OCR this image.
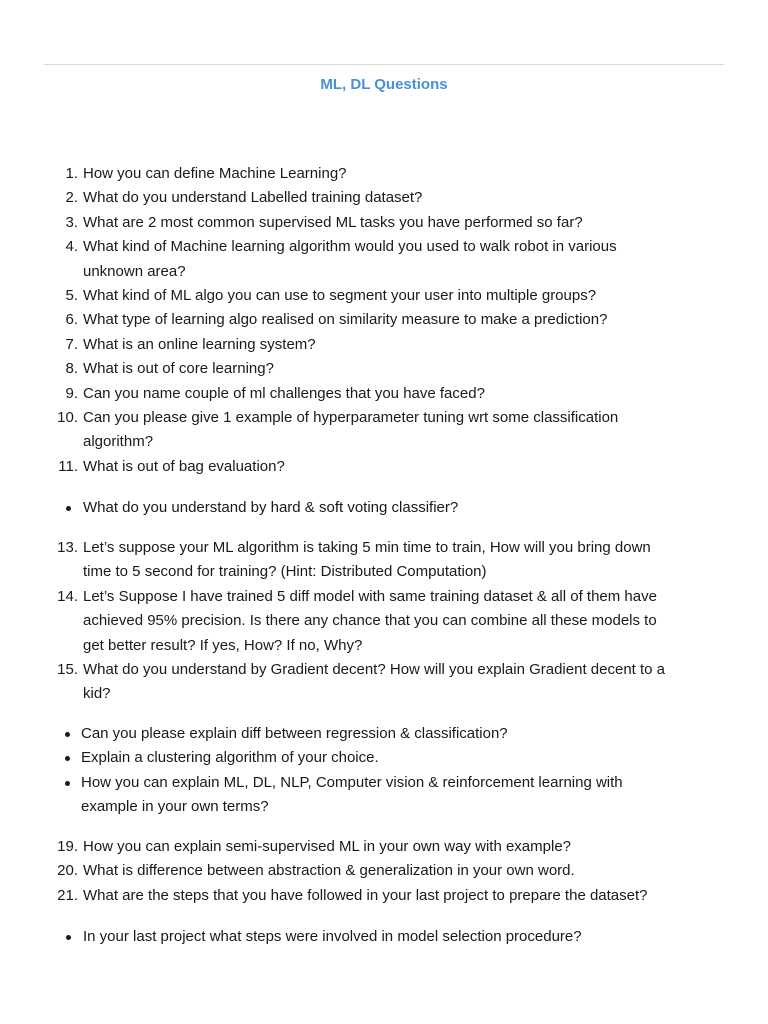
ML, DL Questions
1. How you can define Machine Learning?
2. What do you understand Labelled training dataset?
3. What are 2 most common supervised ML tasks you have performed so far?
4. What kind of Machine learning algorithm would you used to walk robot in various
unknown area?
5. What kind of ML algo you can use to segment your user into multiple groups?
6. What type of learning algo realised on similarity measure to make a prediction?
7. What is an online learning system?
8. What is out of core learning?
9. Can you name couple of ml challenges that you have faced?
10. Can you please give 1 example of hyperparameter tuning wrt some classification
algorithm?
11. What is out of bag evaluation?
What do you understand by hard & soft voting classifier?
13. Let’s suppose your ML algorithm is taking 5 min time to train, How will you bring down
time to 5 second for training? (Hint: Distributed Computation)
14. Let’s Suppose I have trained 5 diff model with same training dataset & all of them have
achieved 95% precision. Is there any chance that you can combine all these models to
get better result? If yes, How? If no, Why?
15. What do you understand by Gradient decent? How will you explain Gradient decent to a
kid?
Can you please explain diff between regression & classification?
Explain a clustering algorithm of your choice.
How you can explain ML, DL, NLP, Computer vision & reinforcement learning with
example in your own terms?
19. How you can explain semi-supervised ML in your own way with example?
20. What is difference between abstraction & generalization in your own word.
21. What are the steps that you have followed in your last project to prepare the dataset?
In your last project what steps were involved in model selection procedure?
